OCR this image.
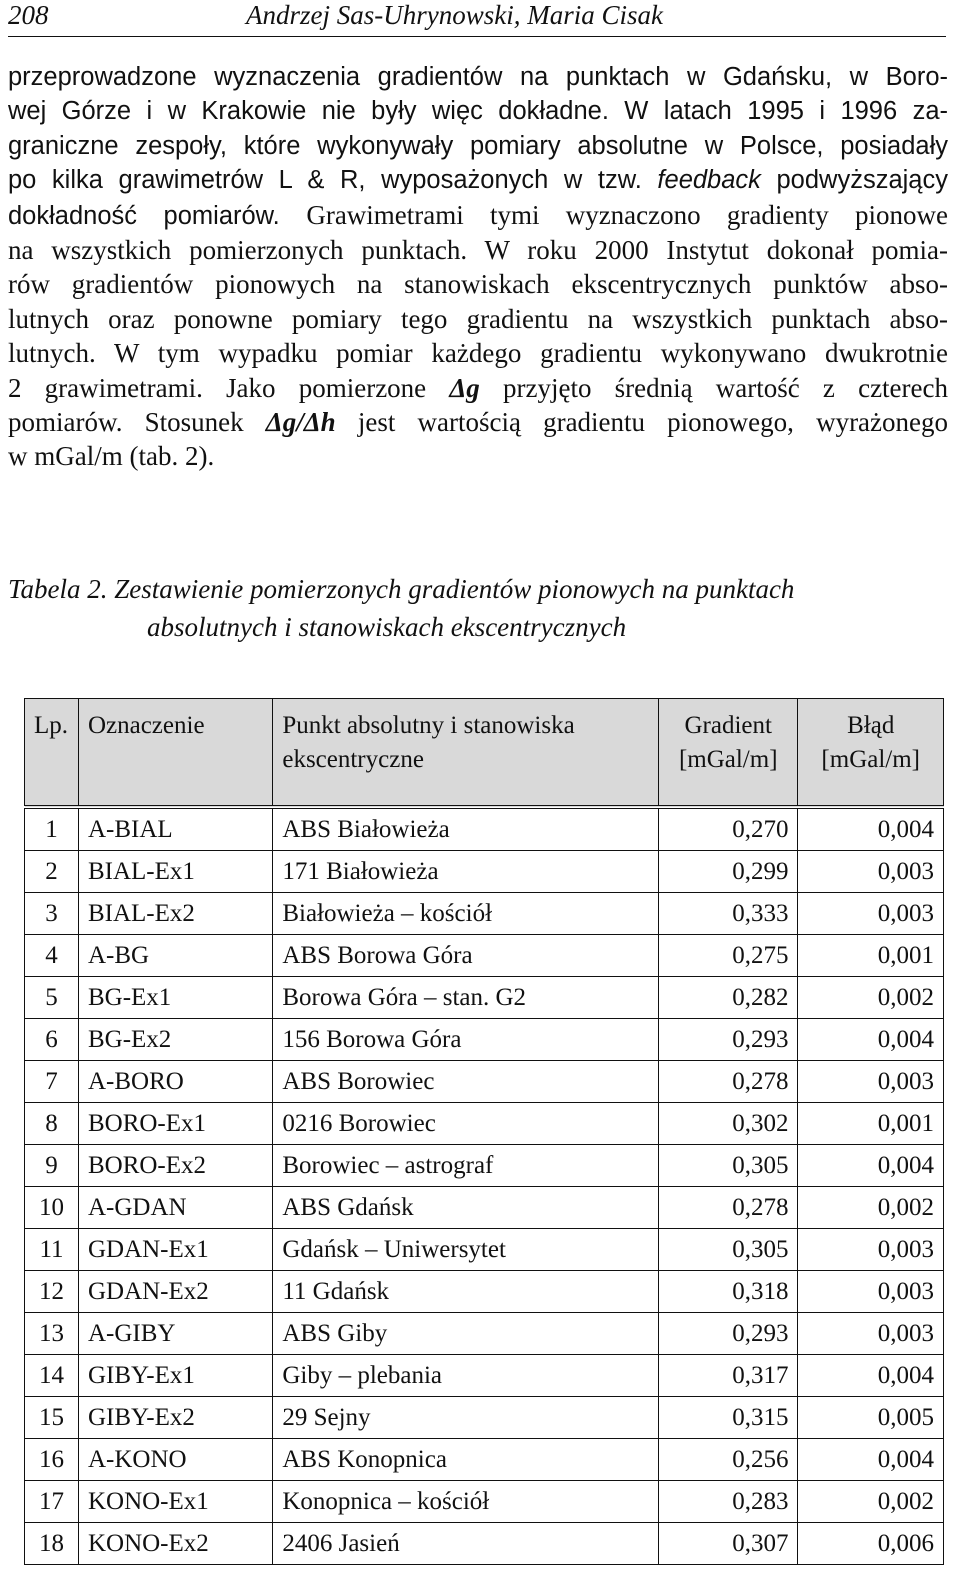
208	Andrzej Sas-Uhrynowski, Maria Cisak
przeprowadzone wyznaczenia gradientów na punktach w Gdańsku, w Boro-
wej Górze i w Krakowie nie były więc dokładne. W latach 1995 i 1996 za-
graniczne zespoły, które wykonywały pomiary absolutne w Polsce, posiadały
po kilka grawimetrów L & R, wyposażonych w tzw. feedback podwyższający
dokładność pomiarów. Grawimetrami tymi wyznaczono gradienty pionowe
na wszystkich pomierzonych punktach. W roku 2000 Instytut dokonał pomia-
rów gradientów pionowych na stanowiskach ekscentrycznych punktów abso-
lutnych oraz ponowne pomiary tego gradientu na wszystkich punktach abso-
lutnych. W tym wypadku pomiar każdego gradientu wykonywano dwukrotnie
2 grawimetrami. Jako pomierzone Δg przyjęto średnią wartość z czterech
pomiarów. Stosunek Δg/Δh jest wartością gradientu pionowego, wyrażonego
w mGal/m (tab. 2).
Tabela 2. Zestawienie pomierzonych gradientów pionowych na punktach
absolutnych i stanowiskach ekscentrycznych
Lp.	Oznaczenie	Punkt absolutny i stanowiska ekscentryczne	Gradient [mGal/m]	Błąd [mGal/m]
1	A-BIAL	ABS Białowieża	0,270	0,004
2	BIAL-Ex1	171 Białowieża	0,299	0,003
3	BIAL-Ex2	Białowieża – kościół	0,333	0,003
4	A-BG	ABS Borowa Góra	0,275	0,001
5	BG-Ex1	Borowa Góra – stan. G2	0,282	0,002
6	BG-Ex2	156 Borowa Góra	0,293	0,004
7	A-BORO	ABS Borowiec	0,278	0,003
8	BORO-Ex1	0216 Borowiec	0,302	0,001
9	BORO-Ex2	Borowiec – astrograf	0,305	0,004
10	A-GDAN	ABS Gdańsk	0,278	0,002
11	GDAN-Ex1	Gdańsk – Uniwersytet	0,305	0,003
12	GDAN-Ex2	11 Gdańsk	0,318	0,003
13	A-GIBY	ABS Giby	0,293	0,003
14	GIBY-Ex1	Giby – plebania	0,317	0,004
15	GIBY-Ex2	29 Sejny	0,315	0,005
16	A-KONO	ABS Konopnica	0,256	0,004
17	KONO-Ex1	Konopnica – kościół	0,283	0,002
18	KONO-Ex2	2406 Jasień	0,307	0,006
